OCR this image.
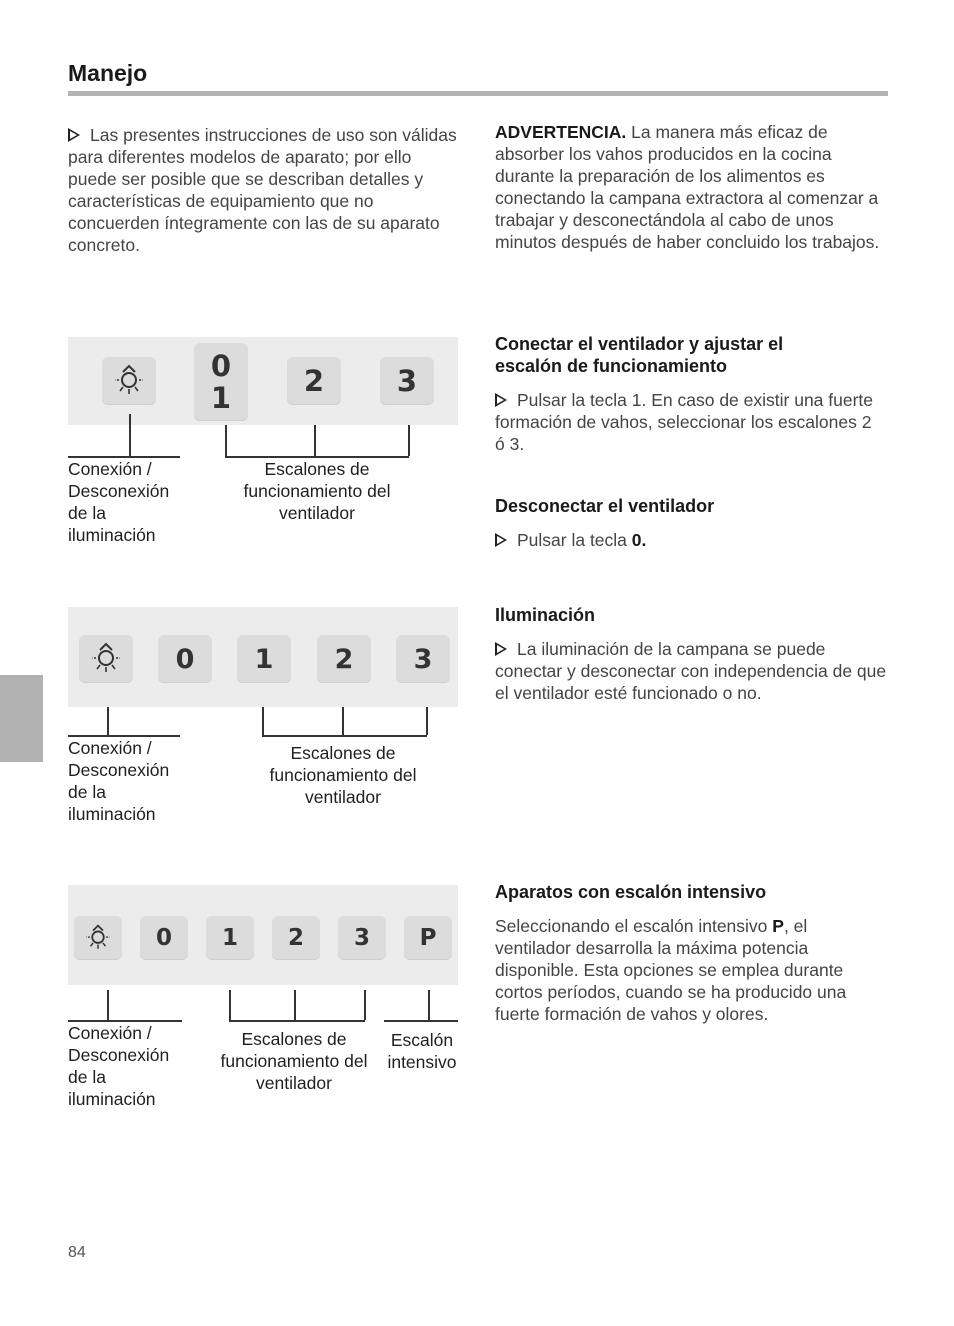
Manejo
Las presentes instrucciones de uso son válidas para diferentes modelos de aparato; por ello puede ser posible que se describan detalles y características de equipamiento que no concuerden íntegramente con las de su aparato concreto.
ADVERTENCIA. La manera más eficaz de absorber los vahos producidos en la cocina durante la preparación de los alimentos es conectando la campana extractora al comenzar a trabajar y desconectándola al cabo de unos minutos después de haber concluido los trabajos.
Conectar el ventilador y ajustar el escalón de funcionamiento
Pulsar la tecla 1. En caso de existir una fuerte formación de vahos, seleccionar los escalones 2 ó 3.
Desconectar el ventilador
Pulsar la tecla 0.
Iluminación
La iluminación de la campana se puede conectar y desconectar con independencia de que el ventilador esté funcionado o no.
Aparatos con escalón intensivo
Seleccionando el escalón intensivo P, el ventilador desarrolla la máxima potencia disponible. Esta opciones se emplea durante cortos períodos, cuando se ha producido una fuerte formación de vahos y olores.
0
1	2	3
Conexión / Desconexión de la iluminación
Escalones de funcionamiento del ventilador
0	1	2	3
Conexión / Desconexión de la iluminación
Escalones de funcionamiento del ventilador
0	1	2	3	P
Conexión / Desconexión de la iluminación
Escalones de funcionamiento del ventilador
Escalón intensivo
84
